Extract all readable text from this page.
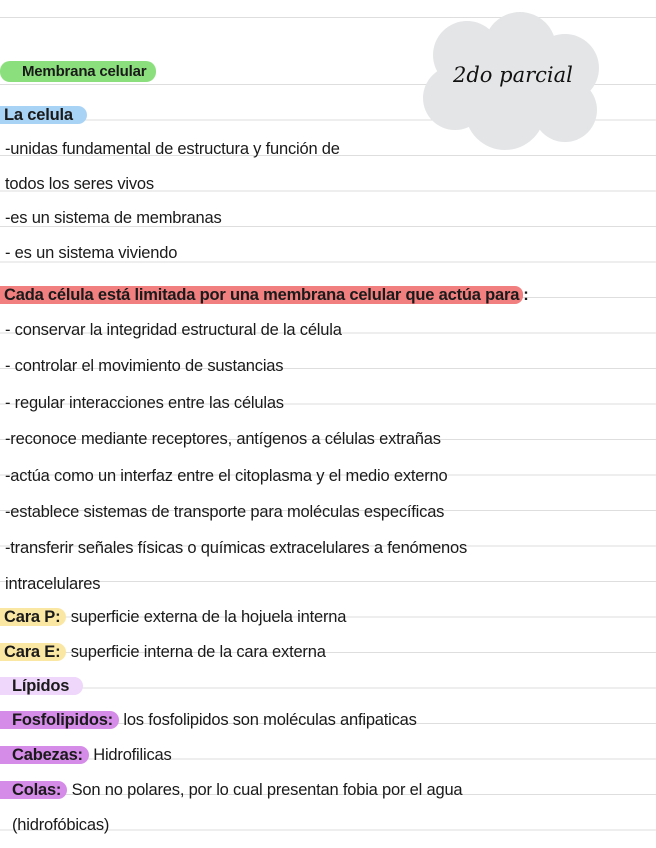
2do parcial
Membrana celular
La celula
-unidas fundamental de estructura y función de
todos los seres vivos
-es un sistema de membranas
- es un sistema viviendo
Cada célula está limitada por una membrana celular que actúa para :
- conservar la integridad estructural de la célula
- controlar el movimiento de sustancias
- regular interacciones entre las células
-reconoce mediante receptores, antígenos a células extrañas
-actúa como un interfaz entre el citoplasma y el medio externo
-establece sistemas de transporte para moléculas específicas
-transferir señales físicas o químicas extracelulares a fenómenos
intracelulares
Cara P: superficie externa de la hojuela interna
Cara E: superficie interna de la cara externa
Lípidos
Fosfolipidos: los fosfolipidos son moléculas anfipaticas
Cabezas: Hidrofilicas
Colas: Son no polares, por lo cual presentan fobia por el agua
(hidrofóbicas)
